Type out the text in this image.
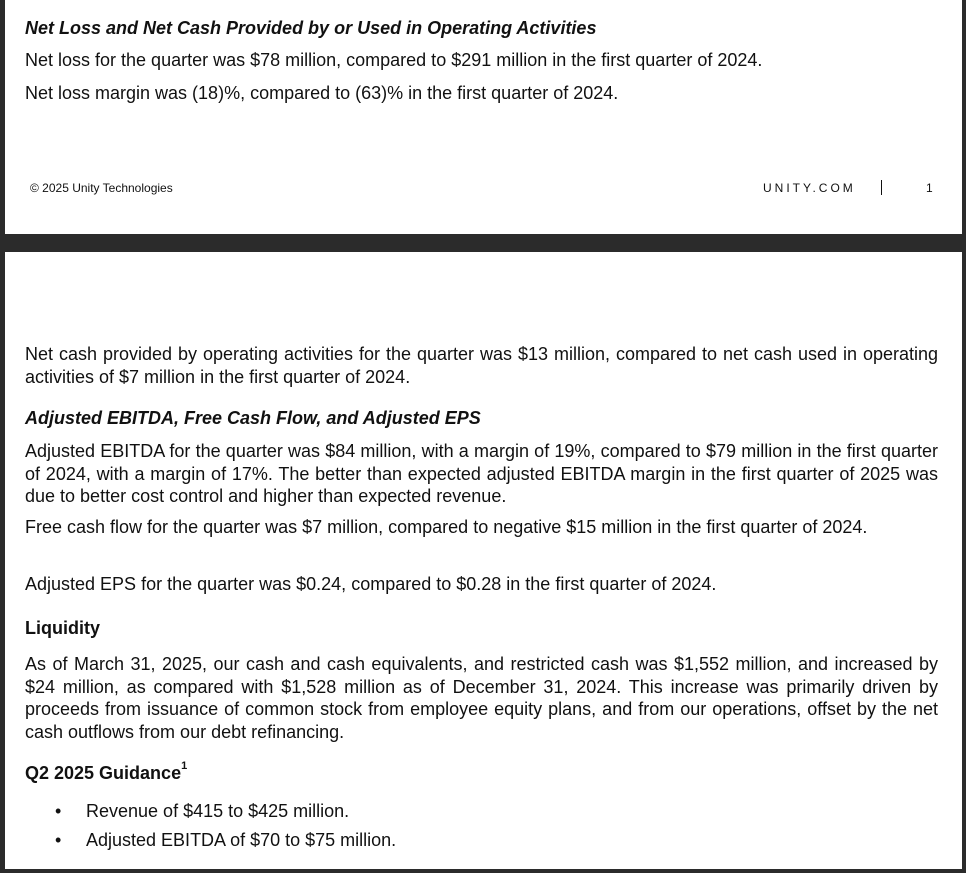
Net Loss and Net Cash Provided by or Used in Operating Activities

Net loss for the quarter was $78 million, compared to $291 million in the first quarter of 2024.

Net loss margin was (18)%, compared to (63)% in the first quarter of 2024.

© 2025 Unity Technologies	UNITY.COM	1

Net cash provided by operating activities for the quarter was $13 million, compared to net cash used in operating activities of $7 million in the first quarter of 2024.

Adjusted EBITDA, Free Cash Flow, and Adjusted EPS

Adjusted EBITDA for the quarter was $84 million, with a margin of 19%, compared to $79 million in the first quarter of 2024, with a margin of 17%. The better than expected adjusted EBITDA margin in the first quarter of 2025 was due to better cost control and higher than expected revenue.

Free cash flow for the quarter was $7 million, compared to negative $15 million in the first quarter of 2024.

Adjusted EPS for the quarter was $0.24, compared to $0.28 in the first quarter of 2024.

Liquidity

As of March 31, 2025, our cash and cash equivalents, and restricted cash was $1,552 million, and increased by $24 million, as compared with $1,528 million as of December 31, 2024. This increase was primarily driven by proceeds from issuance of common stock from employee equity plans, and from our operations, offset by the net cash outflows from our debt refinancing.

Q2 2025 Guidance$^1$
• Revenue of $415 to $425 million.
• Adjusted EBITDA of $70 to $75 million.
